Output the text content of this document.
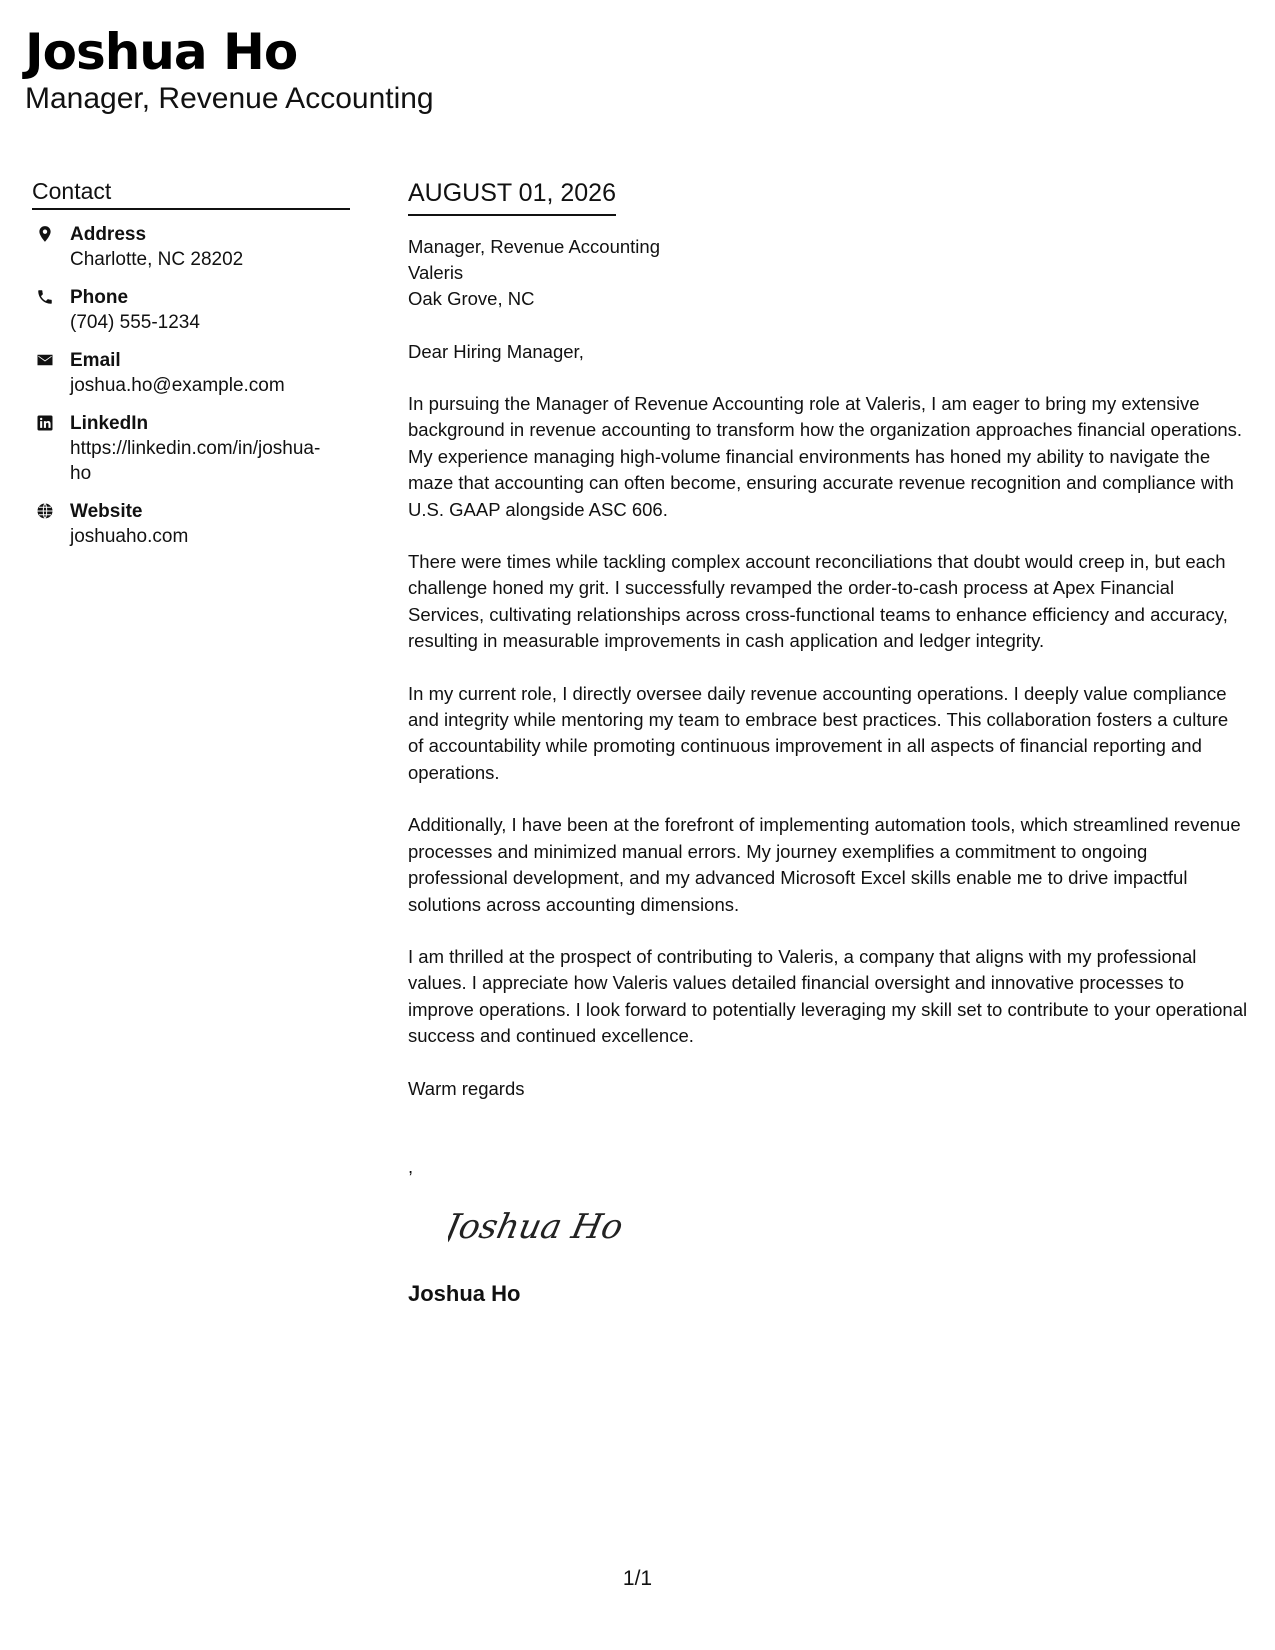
Joshua Ho
Manager, Revenue Accounting
Contact
Address
Charlotte, NC 28202
Phone
(704) 555-1234
Email
joshua.ho@example.com
LinkedIn
https://linkedin.com/in/joshua-ho
Website
joshuaho.com
AUGUST 01, 2026
Manager, Revenue Accounting
Valeris
Oak Grove, NC
Dear Hiring Manager,
In pursuing the Manager of Revenue Accounting role at Valeris, I am eager to bring my extensive background in revenue accounting to transform how the organization approaches financial operations. My experience managing high-volume financial environments has honed my ability to navigate the maze that accounting can often become, ensuring accurate revenue recognition and compliance with U.S. GAAP alongside ASC 606.
There were times while tackling complex account reconciliations that doubt would creep in, but each challenge honed my grit. I successfully revamped the order-to-cash process at Apex Financial Services, cultivating relationships across cross-functional teams to enhance efficiency and accuracy, resulting in measurable improvements in cash application and ledger integrity.
In my current role, I directly oversee daily revenue accounting operations. I deeply value compliance and integrity while mentoring my team to embrace best practices. This collaboration fosters a culture of accountability while promoting continuous improvement in all aspects of financial reporting and operations.
Additionally, I have been at the forefront of implementing automation tools, which streamlined revenue processes and minimized manual errors. My journey exemplifies a commitment to ongoing professional development, and my advanced Microsoft Excel skills enable me to drive impactful solutions across accounting dimensions.
I am thrilled at the prospect of contributing to Valeris, a company that aligns with my professional values. I appreciate how Valeris values detailed financial oversight and innovative processes to improve operations. I look forward to potentially leveraging my skill set to contribute to your operational success and continued excellence.
Warm regards
,
Joshua Ho
Joshua Ho
1/1
